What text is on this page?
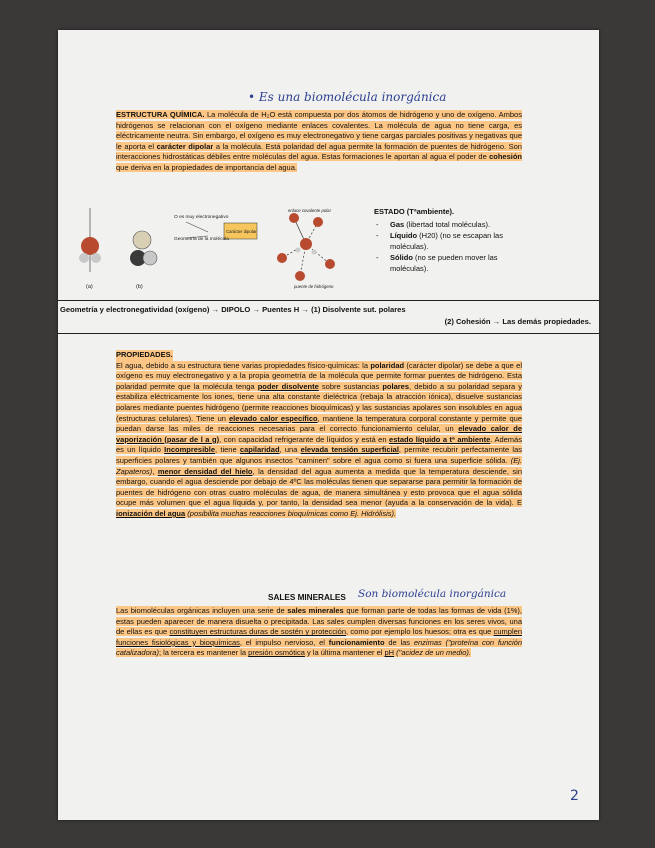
• Es una biomolécula inorgánica
ESTRUCTURA QUÍMICA. La molécula de H₂O está compuesta por dos átomos de hidrógeno y uno de oxígeno. Ambos hidrógenos se relacionan con el oxígeno mediante enlaces covalentes. La molécula de agua no tiene carga, es eléctricamente neutra. Sin embargo, el oxígeno es muy electronegativo y tiene cargas parciales positivas y negativas que le aporta el carácter dipolar a la molécula. Está polaridad del agua permite la formación de puentes de hidrógeno. Son interacciones hidrostáticas débiles entre moléculas del agua. Estas formaciones le aportan al agua el poder de cohesión que deriva en la propiedades de importancia del agua.
(a)	(b)
O es muy electronegativo
Geometría de la molécula
Carácter dipolar
enlace covalente polar
puente de hidrógeno
ESTADO (Tªambiente).
- Gas (libertad total moléculas).
- Líquido (H20) (no se escapan las moléculas).
- Sólido (no se pueden mover las moléculas).
Geometría y electronegatividad (oxígeno) → DIPOLO → Puentes H → (1) Disolvente sut. polares
(2) Cohesión → Las demás propiedades.
PROPIEDADES.
El agua, debido a su estructura tiene varias propiedades físico-químicas: la polaridad (carácter dipolar) se debe a que el oxígeno es muy electronegativo y a la propia geometría de la molécula que permite formar puentes de hidrógeno. Esta polaridad permite que la molécula tenga poder disolvente sobre sustancias polares, debido a su polaridad separa y estabiliza eléctricamente los iones, tiene una alta constante dieléctrica (rebaja la atracción iónica), disuelve sustancias polares mediante puentes hidrógeno (permite reacciones bioquímicas) y las sustancias apolares son insolubles en agua (estructuras celulares). Tiene un elevado calor específico, mantiene la temperatura corporal constante y permite que puedan darse las miles de reacciones necesarias para el correcto funcionamiento celular, un elevado calor de vaporización (pasar de l a g), con capacidad refrigerante de líquidos y está en estado líquido a tª ambiente. Además es un líquido Incompresible, tiene capilaridad, una elevada tensión superficial, permite recubrir perfectamente las superficies polares y también que algunos insectos "caminen" sobre el agua como si fuera una superficie sólida. (Ej. Zapateros), menor densidad del hielo, la densidad del agua aumenta a medida que la temperatura desciende, sin embargo, cuando el agua desciende por debajo de 4ºC las moléculas tienen que separarse para permitir la formación de puentes de hidrógeno con otras cuatro moléculas de agua, de manera simultánea y esto provoca que el agua sólida ocupe más volumen que el agua líquida y, por tanto, la densidad sea menor (ayuda a la conservación de la vida). E ionización del agua (posibilita muchas reacciones bioquímicas como Ej. Hidrólisis).
SALES MINERALES Son biomolécula inorgánica
Las biomoléculas orgánicas incluyen una serie de sales minerales que forman parte de todas las formas de vida (1%), estas pueden aparecer de manera disuelta o precipitada. Las sales cumplen diversas funciones en los seres vivos, una de ellas es que constituyen estructuras duras de sostén y protección, como por ejemplo los huesos; otra es que cumplen funciones fisiológicas y bioquímicas, el impulso nervioso, el funcionamiento de las enzimas ("proteína con función catalizadora); la tercera es mantener la presión osmótica y la última mantener el pH ("acidez de un medio).
2
